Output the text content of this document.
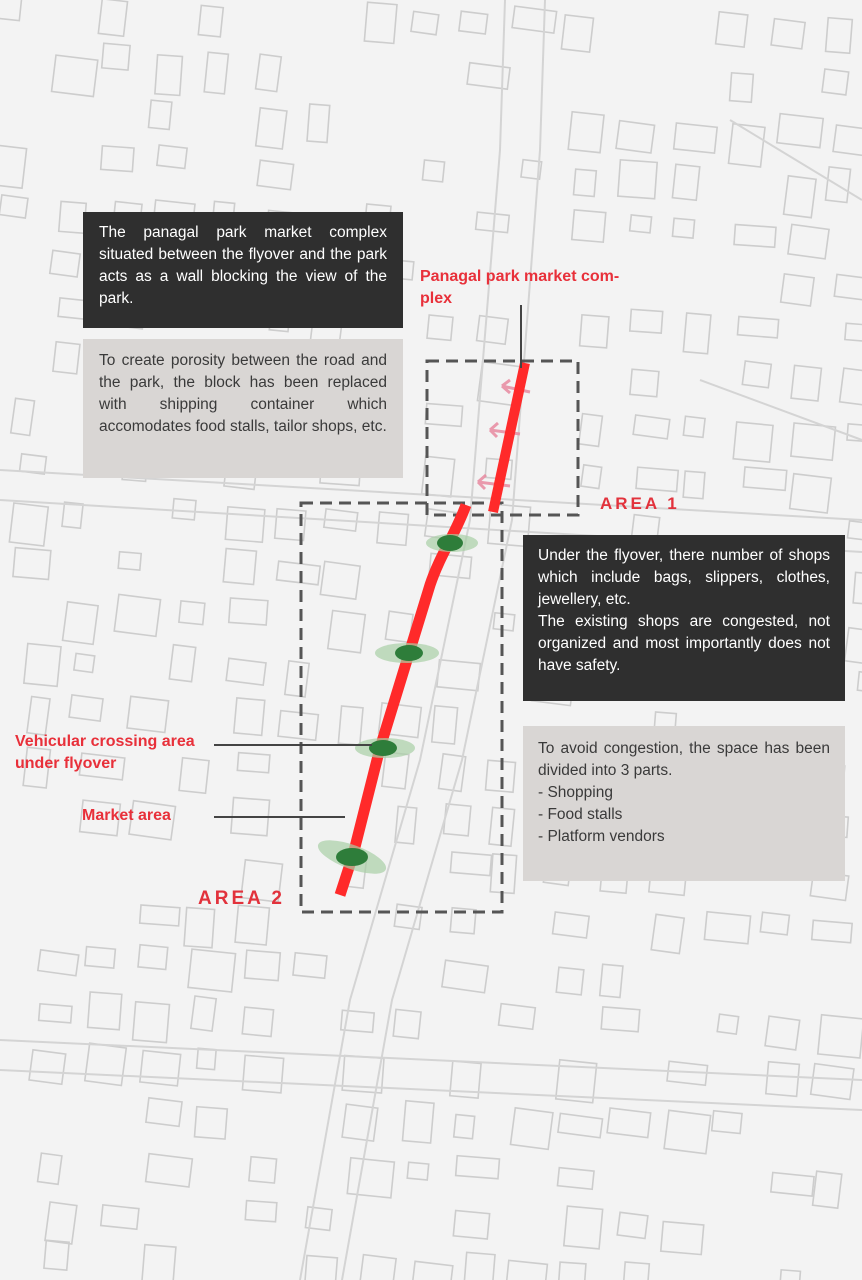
The panagal park market complex situated between the flyover and the park acts as a wall blocking the view of the park.

To create porosity between the road and the park, the block has been replaced with shipping container which accomodates food stalls, tailor shops, etc.

Under the flyover, there number of shops which include bags, slippers, clothes, jewellery, etc.

The existing shops are congested, not organized and most importantly does not have safety.

To avoid congestion, the space has been divided into 3 parts.

- Shopping
- Food stalls
- Platform vendors
Panagal park market com-
plex
Vehicular crossing area
under flyover
Market area
AREA 1
AREA 2
